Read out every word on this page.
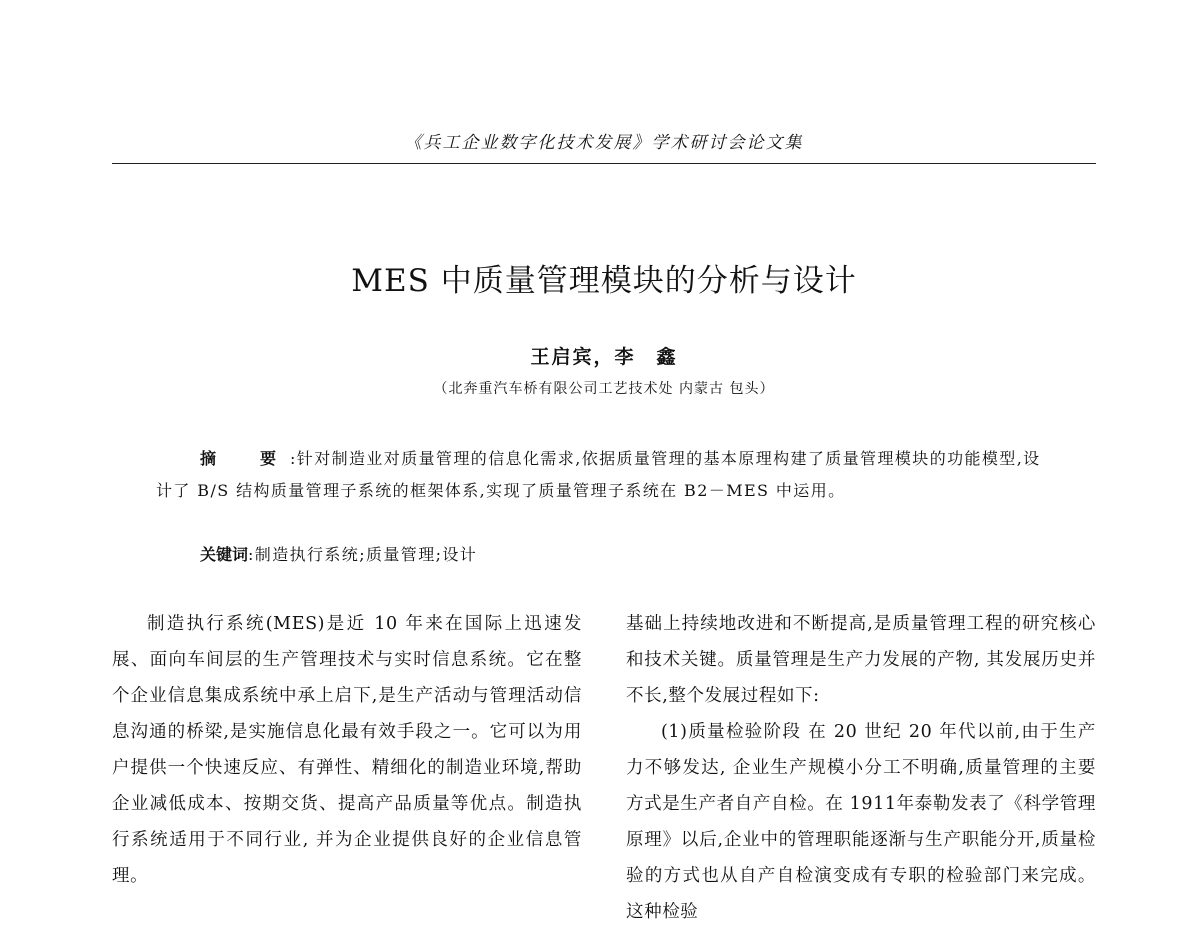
《兵工企业数字化技术发展》学术研讨会论文集
MES 中质量管理模块的分析与设计
王启宾，李　鑫
（北奔重汽车桥有限公司工艺技术处 内蒙古 包头）
摘　要:针对制造业对质量管理的信息化需求,依据质量管理的基本原理构建了质量管理模块的功能模型,设计了 B/S 结构质量管理子系统的框架体系,实现了质量管理子系统在 B2－MES 中运用。
关键词:制造执行系统;质量管理;设计

制造执行系统(MES)是近 10 年来在国际上迅速发展、面向车间层的生产管理技术与实时信息系统。它在整个企业信息集成系统中承上启下,是生产活动与管理活动信息沟通的桥梁,是实施信息化最有效手段之一。它可以为用户提供一个快速反应、有弹性、精细化的制造业环境,帮助企业减低成本、按期交货、提高产品质量等优点。制造执行系统适用于不同行业, 并为企业提供良好的企业信息管理。

基础上持续地改进和不断提高,是质量管理工程的研究核心和技术关键。质量管理是生产力发展的产物, 其发展历史并不长,整个发展过程如下:

(1)质量检验阶段 在 20 世纪 20 年代以前,由于生产力不够发达, 企业生产规模小分工不明确,质量管理的主要方式是生产者自产自检。在 1911年泰勒发表了《科学管理原理》以后,企业中的管理职能逐渐与生产职能分开,质量检验的方式也从自产自检演变成有专职的检验部门来完成。这种检验
